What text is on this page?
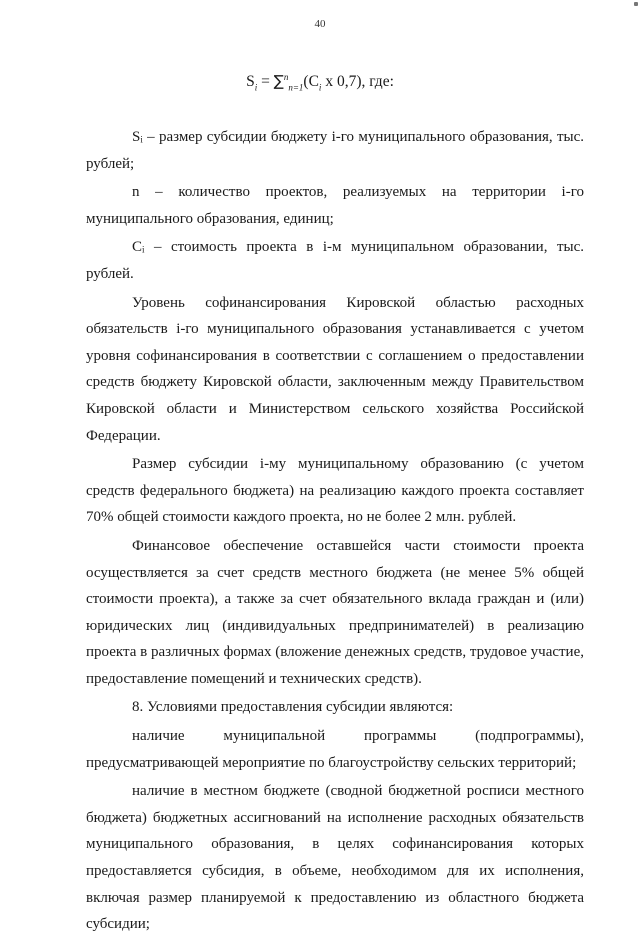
40
$S_i = \sum^n_{n=1}(C_i$ x 0,7), где:

Sᵢ – размер субсидии бюджету i-го муниципального образования, тыс. рублей;

n – количество проектов, реализуемых на территории i-го муниципального образования, единиц;

Cᵢ – стоимость проекта в i-м муниципальном образовании, тыс. рублей.

Уровень софинансирования Кировской областью расходных обязательств i-го муниципального образования устанавливается с учетом уровня софинансирования в соответствии с соглашением о предоставлении средств бюджету Кировской области, заключенным между Правительством Кировской области и Министерством сельского хозяйства Российской Федерации.

Размер субсидии i-му муниципальному образованию (с учетом средств федерального бюджета) на реализацию каждого проекта составляет 70% общей стоимости каждого проекта, но не более 2 млн. рублей.

Финансовое обеспечение оставшейся части стоимости проекта осуществляется за счет средств местного бюджета (не менее 5% общей стоимости проекта), а также за счет обязательного вклада граждан и (или) юридических лиц (индивидуальных предпринимателей) в реализацию проекта в различных формах (вложение денежных средств, трудовое участие, предоставление помещений и технических средств).

8. Условиями предоставления субсидии являются:

наличие муниципальной программы (подпрограммы), предусматривающей мероприятие по благоустройству сельских территорий;

наличие в местном бюджете (сводной бюджетной росписи местного бюджета) бюджетных ассигнований на исполнение расходных обязательств муниципального образования, в целях софинансирования которых предоставляется субсидия, в объеме, необходимом для их исполнения, включая размер планируемой к предоставлению из областного бюджета субсидии;
